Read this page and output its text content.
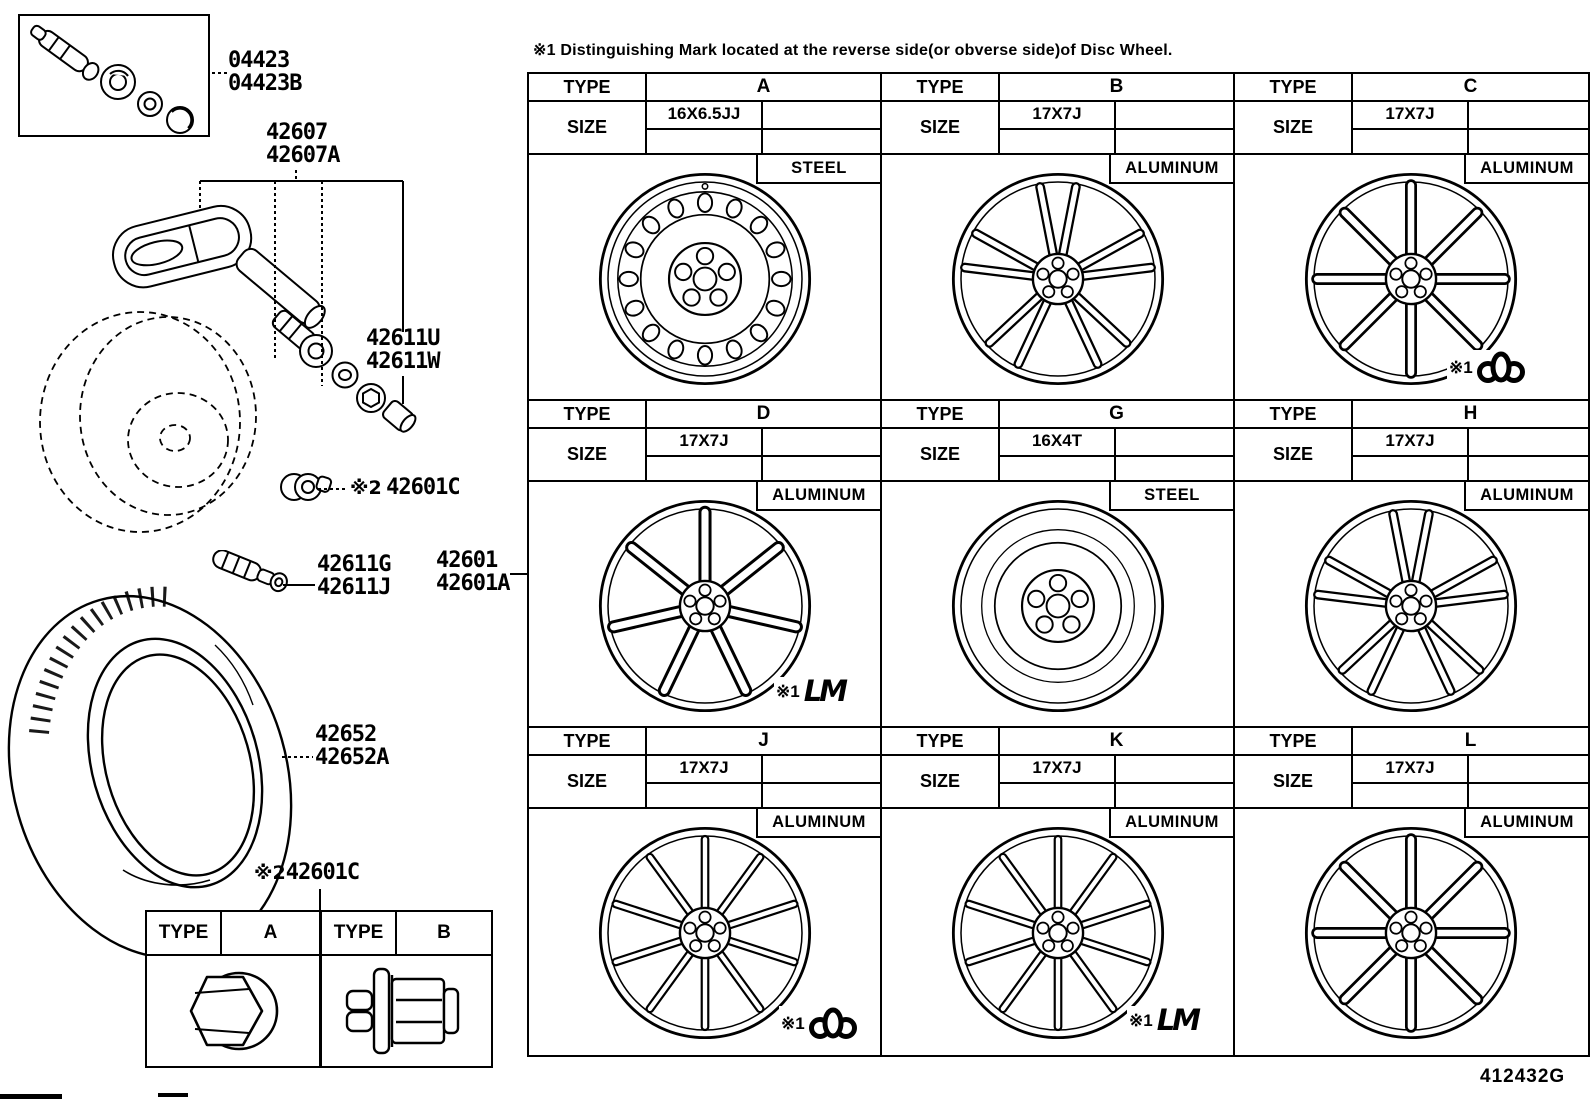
※1 Distinguishing Mark located at the reverse side(or obverse side)of Disc Wheel.
04423
04423B
42607
42607A
42611U
42611W
※2 42601C
42611G
42611J
42601
42601A
42652
42652A
※242601C
TYPE	A	TYPE	B
TYPE	A
SIZE
16X6.5JJ
STEEL
TYPE	B
SIZE
17X7J
ALUMINUM
TYPE	C
SIZE
17X7J
ALUMINUM
※1
TYPE	D
SIZE
17X7J
ALUMINUM
※1 LM
TYPE	G
SIZE
16X4T
STEEL
TYPE	H
SIZE
17X7J
ALUMINUM
TYPE	J
SIZE
17X7J
ALUMINUM
※1
TYPE	K
SIZE
17X7J
ALUMINUM
※1 LM
TYPE	L
SIZE
17X7J
ALUMINUM
412432G
